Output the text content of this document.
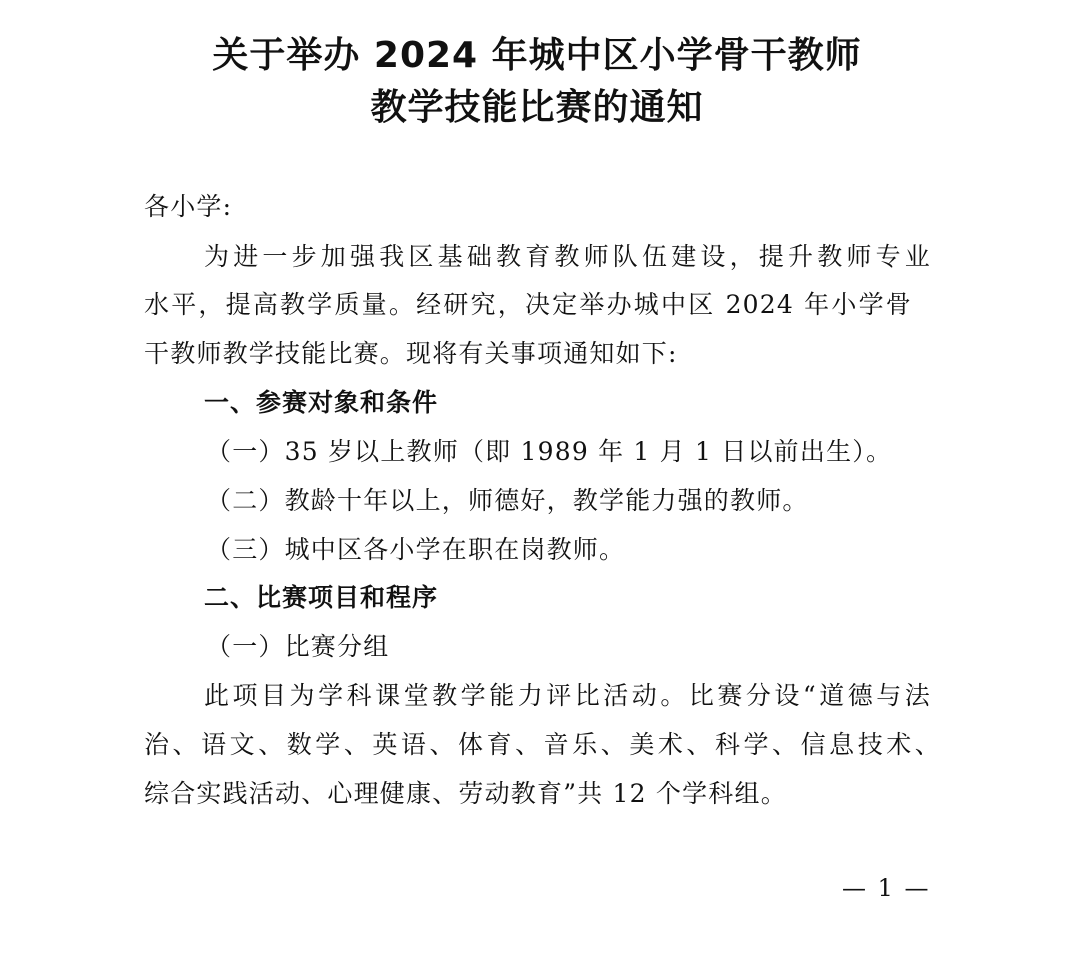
关于举办 2024 年城中区小学骨干教师
教学技能比赛的通知
各小学:
为进一步加强我区基础教育教师队伍建设，提升教师专业
水平，提高教学质量。经研究，决定举办城中区 2024 年小学骨
干教师教学技能比赛。现将有关事项通知如下:
一、参赛对象和条件
（一）35 岁以上教师（即 1989 年 1 月 1 日以前出生）。
（二）教龄十年以上，师德好，教学能力强的教师。
（三）城中区各小学在职在岗教师。
二、比赛项目和程序
（一）比赛分组
此项目为学科课堂教学能力评比活动。比赛分设“道德与法
治、语文、数学、英语、体育、音乐、美术、科学、信息技术、
综合实践活动、心理健康、劳动教育”共 12 个学科组。
— 1 —
